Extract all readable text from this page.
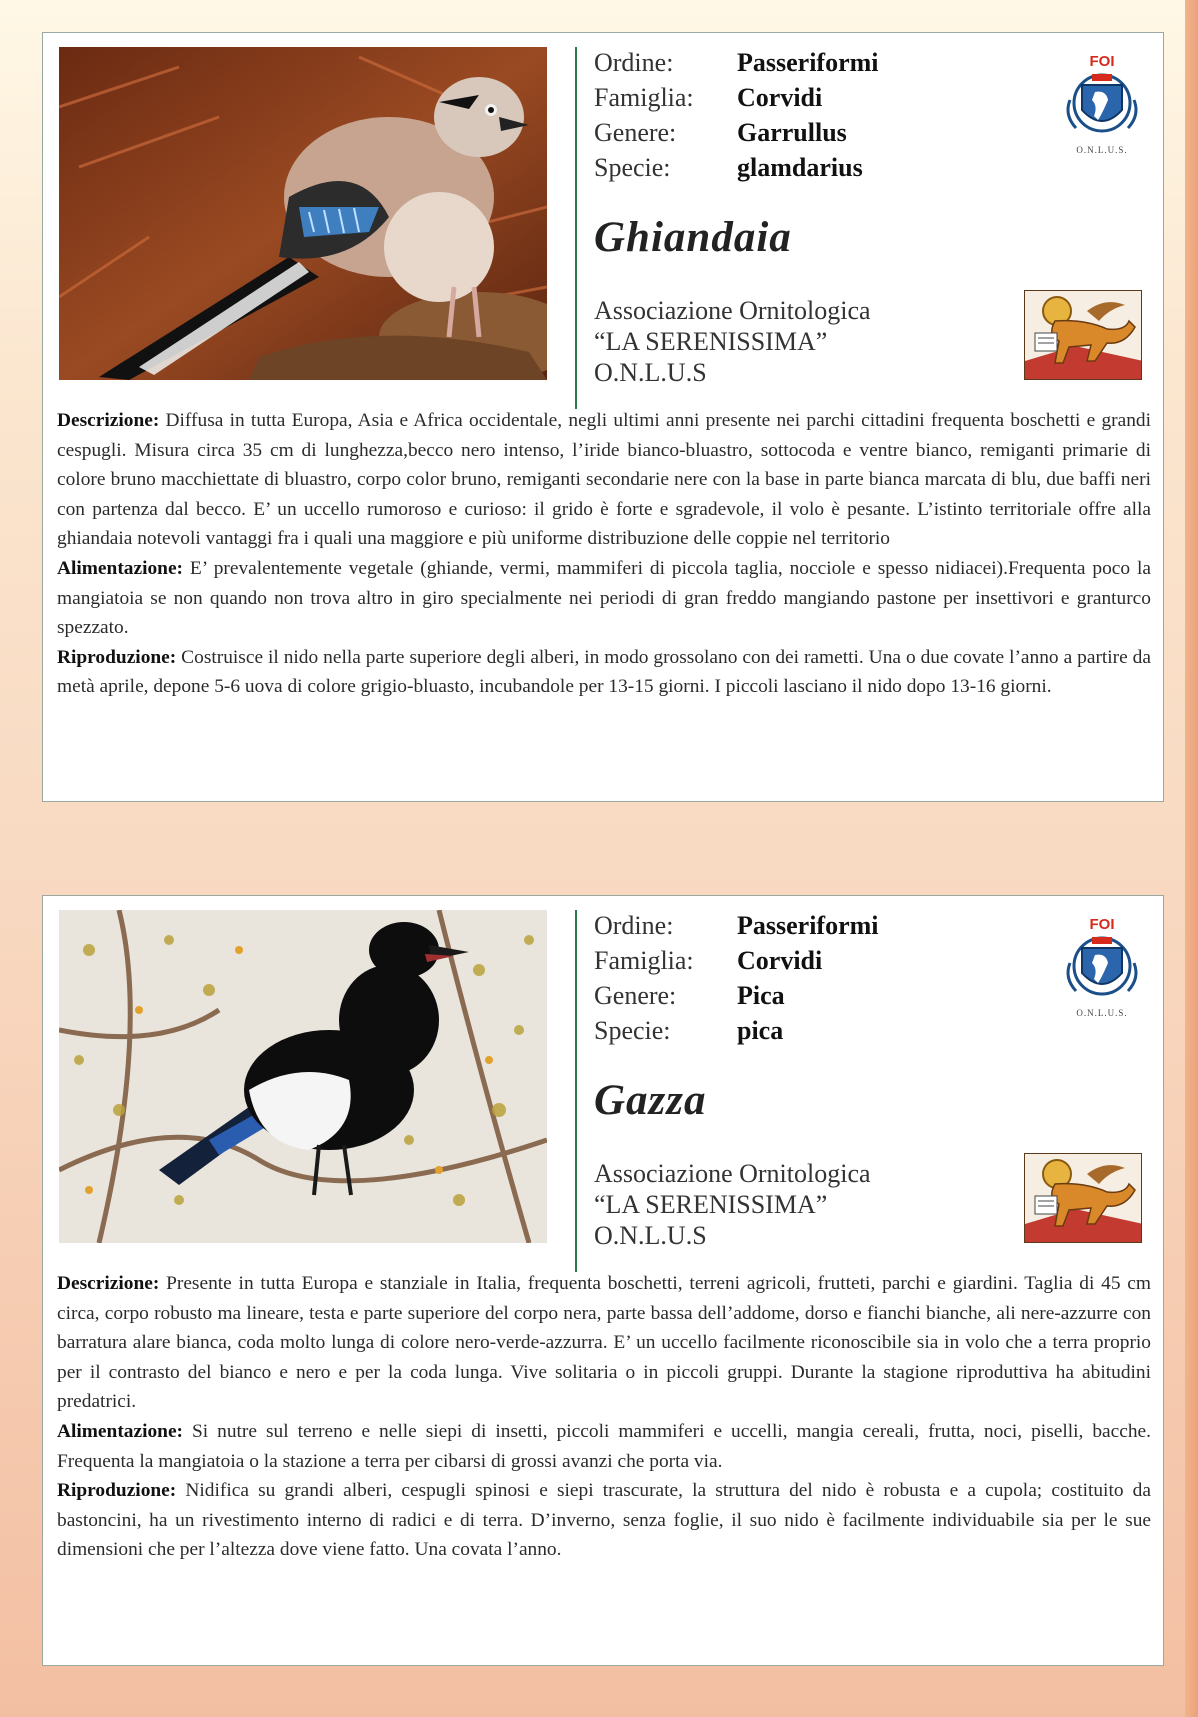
Ordine: Passeriformi
Famiglia: Corvidi
Genere: Garrullus
Specie:	glamdarius
FOI
O.N.L.U.S.
Ghiandaia
Associazione Ornitologica
“LA SERENISSIMA”
O.N.L.U.S

Descrizione: Diffusa in tutta Europa, Asia e Africa occidentale, negli ultimi anni presente nei parchi cittadini frequenta boschetti e grandi cespugli. Misura circa 35 cm di lunghezza,becco nero intenso, l’iride bianco-bluastro, sottocoda e ventre bianco, remiganti primarie di colore bruno macchiettate di bluastro, corpo color bruno, remiganti secondarie nere con la base in parte bianca marcata di blu, due baffi neri con partenza dal becco. E’ un uccello rumoroso e curioso: il grido è forte e sgradevole, il volo è pesante. L’istinto territoriale offre alla ghiandaia notevoli vantaggi fra i quali una maggiore e più uniforme distribuzione delle coppie nel territorio

Alimentazione: E’ prevalentemente vegetale (ghiande, vermi, mammiferi di piccola taglia, nocciole e spesso nidiacei).Frequenta poco la mangiatoia se non quando non trova altro in giro specialmente nei periodi di gran freddo mangiando pastone per insettivori e granturco spezzato.

Riproduzione: Costruisce il nido nella parte superiore degli alberi, in modo grossolano con dei rametti. Una o due covate l’anno a partire da metà aprile, depone 5-6 uova di colore grigio-bluasto, incubandole per 13-15 giorni. I piccoli lasciano il nido dopo 13-16 giorni.

Ordine: Passeriformi
Famiglia: Corvidi
Genere: Pica
Specie:	pica
FOI
O.N.L.U.S.
Gazza
Associazione Ornitologica
“LA SERENISSIMA”
O.N.L.U.S

Descrizione: Presente in tutta Europa e stanziale in Italia, frequenta boschetti, terreni agricoli, frutteti, parchi e giardini. Taglia di 45 cm circa, corpo robusto ma lineare, testa e parte superiore del corpo nera, parte bassa dell’addome, dorso e fianchi bianche, ali nere-azzurre con barratura alare bianca, coda molto lunga di colore nero-verde-azzurra. E’ un uccello facilmente riconoscibile sia in volo che a terra proprio per il contrasto del bianco e nero e per la coda lunga. Vive solitaria o in piccoli gruppi. Durante la stagione riproduttiva ha abitudini predatrici.

Alimentazione: Si nutre sul terreno e nelle siepi di insetti, piccoli mammiferi e uccelli, mangia cereali, frutta, noci, piselli, bacche. Frequenta la mangiatoia o la stazione a terra per cibarsi di grossi avanzi che porta via.

Riproduzione: Nidifica su grandi alberi, cespugli spinosi e siepi trascurate, la struttura del nido è robusta e a cupola; costituito da bastoncini, ha un rivestimento interno di radici e di terra. D’inverno, senza foglie, il suo nido è facilmente individuabile sia per le sue dimensioni che per l’altezza dove viene fatto. Una covata l’anno.
